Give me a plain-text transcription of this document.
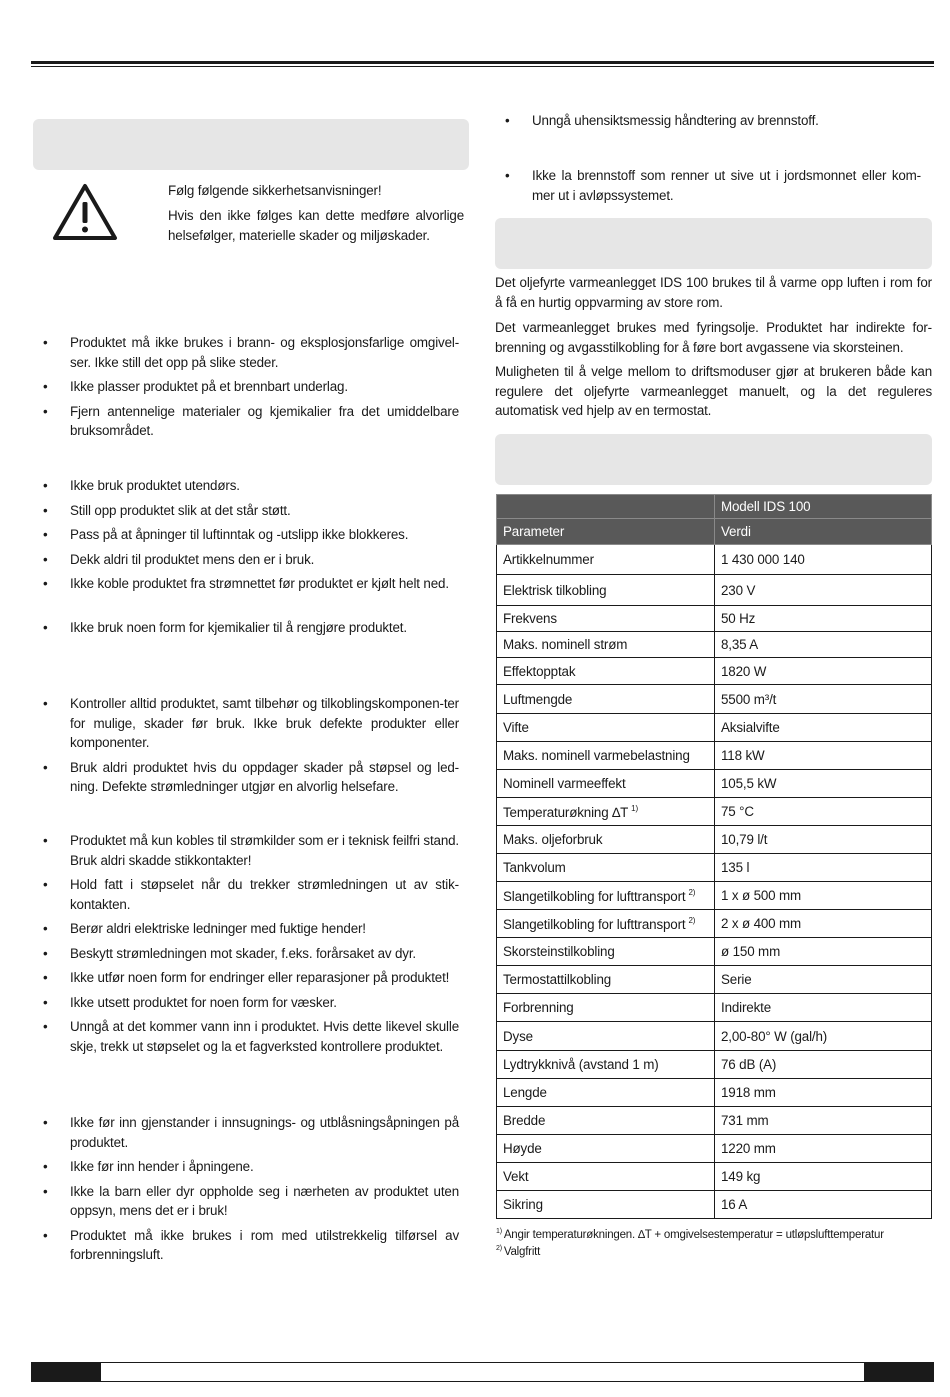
Følg følgende sikkerhetsanvisninger!
Hvis den ikke følges kan dette medføre alvorlige helsefølger, materielle skader og miljøskader.
•	Produktet må ikke brukes i brann- og eksplosjonsfarlige omgivel-ser. Ikke still det opp på slike steder.
•	Ikke plasser produktet på et brennbart underlag.
•	Fjern antennelige materialer og kjemikalier fra det umiddelbare bruksområdet.
•	Ikke bruk produktet utendørs.
•	Still opp produktet slik at det står støtt.
•	Pass på at åpninger til luftinntak og -utslipp ikke blokkeres.
•	Dekk aldri til produktet mens den er i bruk.
•	Ikke koble produktet fra strømnettet før produktet er kjølt helt ned.
•	Ikke bruk noen form for kjemikalier til å rengjøre produktet.
•	Kontroller alltid produktet, samt tilbehør og tilkoblingskomponen-ter for mulige, skader før bruk. Ikke bruk defekte produkter eller komponenter.
•	Bruk aldri produktet hvis du oppdager skader på støpsel og led-ning. Defekte strømledninger utgjør en alvorlig helsefare.
•	Produktet må kun kobles til strømkilder som er i teknisk feilfri stand. Bruk aldri skadde stikkontakter!
•	Hold fatt i støpselet når du trekker strømledningen ut av stik-kontakten.
•	Berør aldri elektriske ledninger med fuktige hender!
•	Beskytt strømledningen mot skader, f.eks. forårsaket av dyr.
•	Ikke utfør noen form for endringer eller reparasjoner på produktet!
•	Ikke utsett produktet for noen form for væsker.
•	Unngå at det kommer vann inn i produktet. Hvis dette likevel skulle skje, trekk ut støpselet og la et fagverksted kontrollere produktet.
•	Ikke før inn gjenstander i innsugnings- og utblåsningsåpningen på produktet.
•	Ikke før inn hender i åpningene.
•	Ikke la barn eller dyr oppholde seg i nærheten av produktet uten oppsyn, mens det er i bruk!
•	Produktet må ikke brukes i rom med utilstrekkelig tilførsel av forbrenningsluft.
•	Unngå uhensiktsmessig håndtering av brennstoff.
•	Ikke la brennstoff som renner ut sive ut i jordsmonnet eller kom-mer ut i avløpssystemet.
Det oljefyrte varmeanlegget IDS 100 brukes til å varme opp luften i rom for å få en hurtig oppvarming av store rom.
Det varmeanlegget brukes med fyringsolje. Produktet har indirekte for-brenning og avgasstilkobling for å føre bort avgassene via skorsteinen.
Muligheten til å velge mellom to driftsmoduser gjør at brukeren både kan regulere det oljefyrte varmeanlegget manuelt, og la det reguleres automatisk ved hjelp av en termostat.
	Modell IDS 100
Parameter	Verdi
Artikkelnummer	1 430 000 140
Elektrisk tilkobling	230 V
Frekvens	50 Hz
Maks. nominell strøm	8,35 A
Effektopptak	1820 W
Luftmengde	5500 m³/t
Vifte	Aksialvifte
Maks. nominell varmebelastning	118 kW
Nominell varmeeffekt	105,5 kW
Temperaturøkning ∆T $^{1)}$	75 °C
Maks. oljeforbruk	10,79 l/t
Tankvolum	135 l
Slangetilkobling for lufttransport $^{2)}$	1 x ø 500 mm
Slangetilkobling for lufttransport $^{2)}$	2 x ø 400 mm
Skorsteinstilkobling	ø 150 mm
Termostattilkobling	Serie
Forbrenning	Indirekte
Dyse	2,00-80° W (gal/h)
Lydtrykknivå (avstand 1 m)	76 dB (A)
Lengde	1918 mm
Bredde	731 mm
Høyde	1220 mm
Vekt	149 kg
Sikring	16 A
$^{1)}$ Angir temperaturøkningen. ∆T + omgivelsestemperatur = utløpslufttemperatur
$^{2)}$ Valgfritt
